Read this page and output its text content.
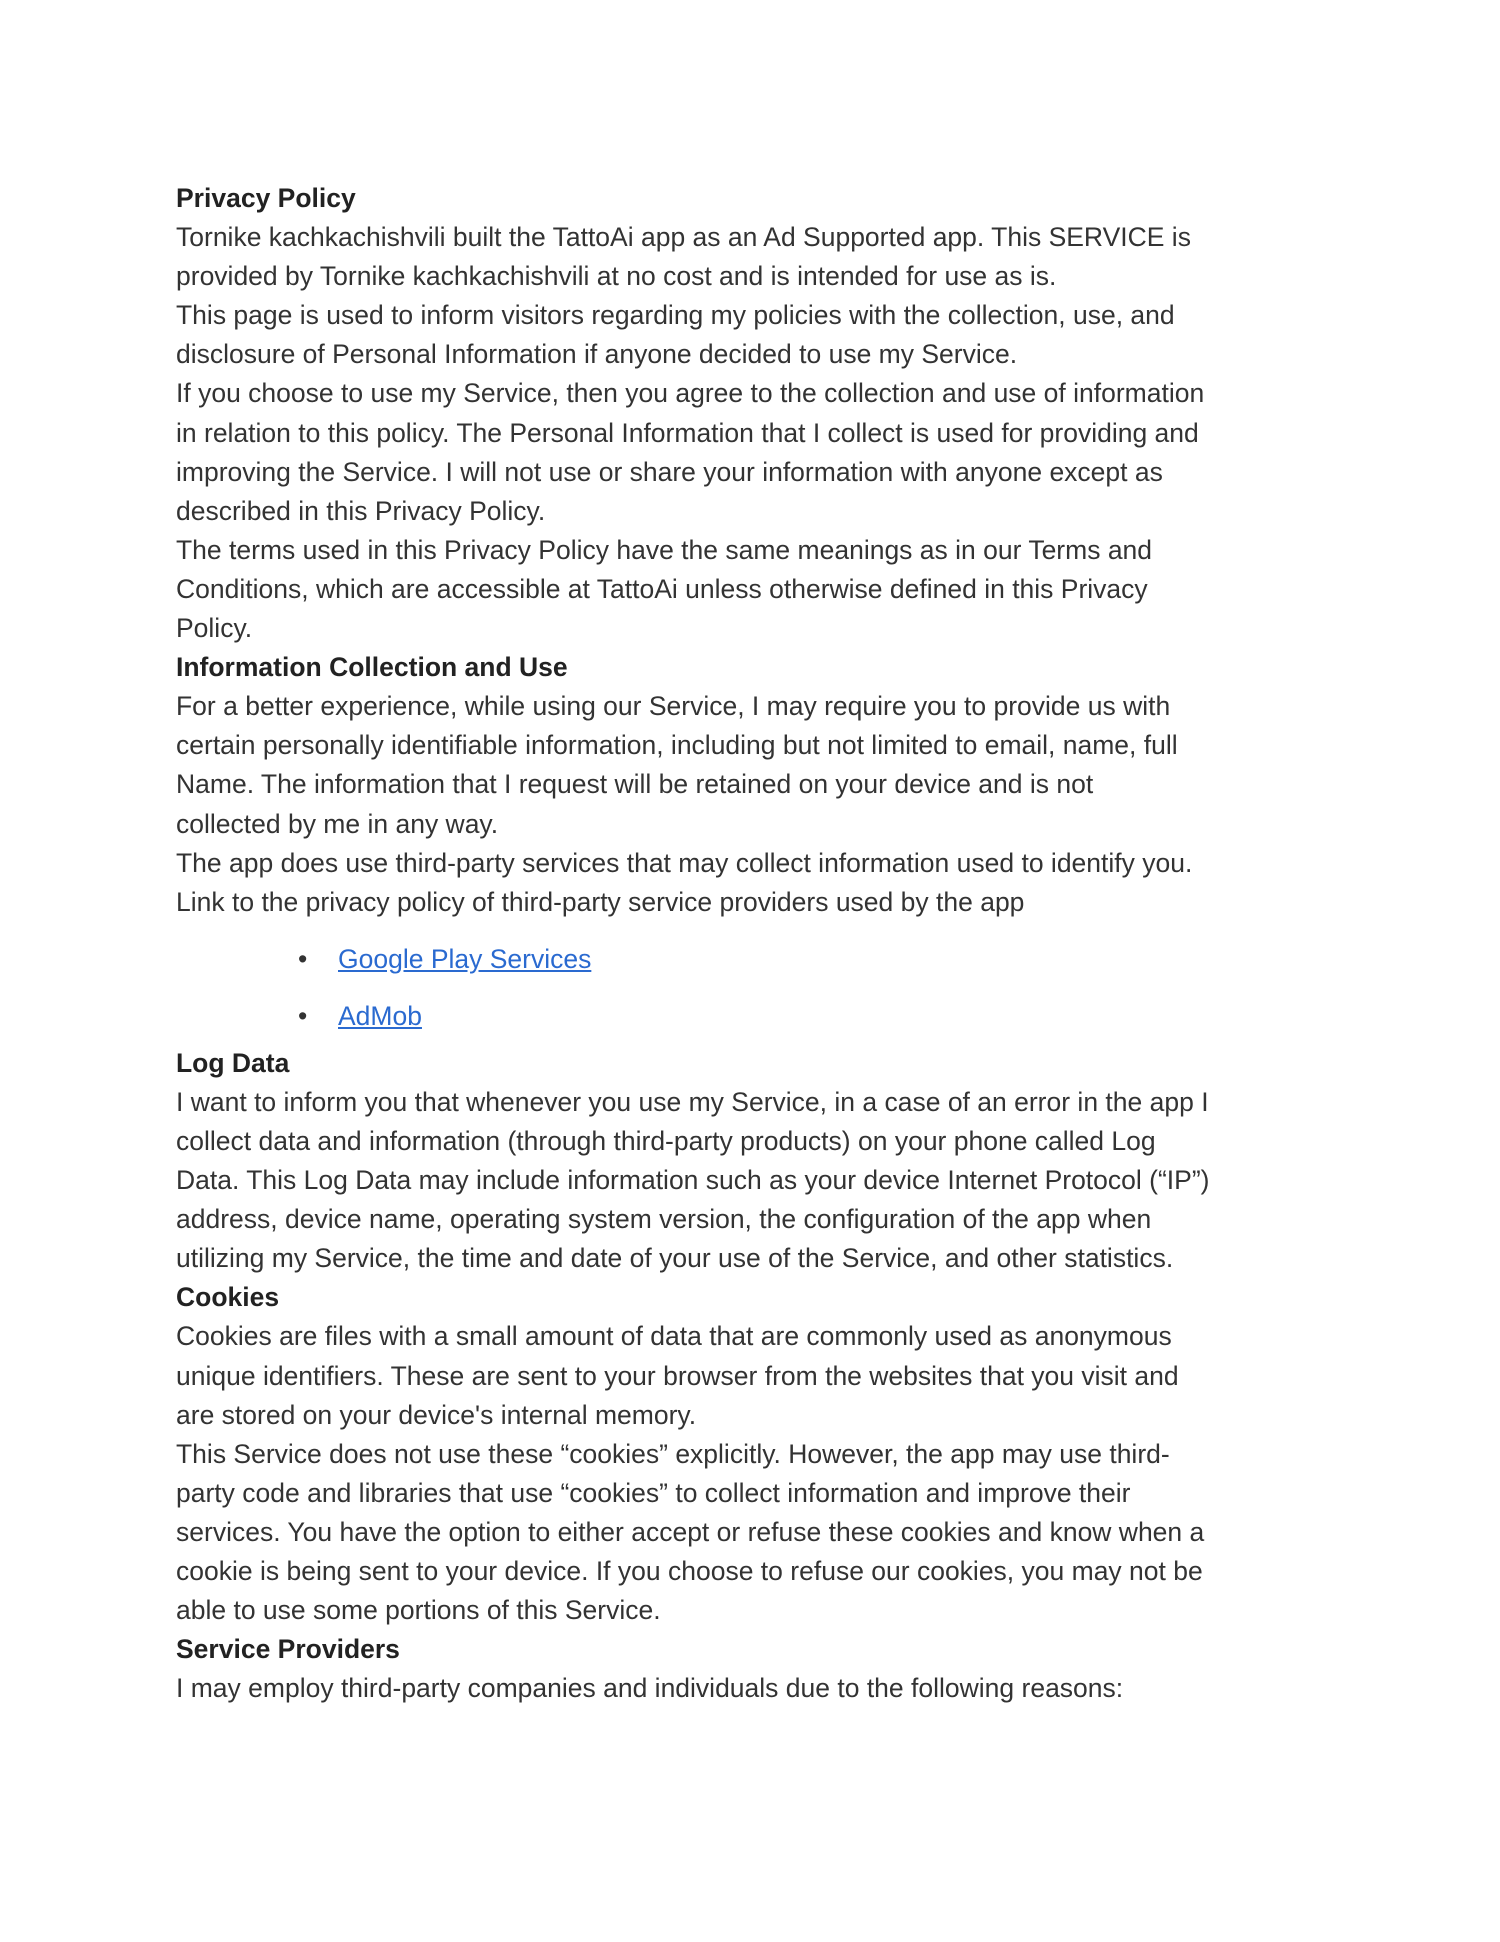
Privacy Policy
Tornike kachkachishvili built the TattoAi app as an Ad Supported app. This SERVICE is
provided by Tornike kachkachishvili at no cost and is intended for use as is.
This page is used to inform visitors regarding my policies with the collection, use, and
disclosure of Personal Information if anyone decided to use my Service.
If you choose to use my Service, then you agree to the collection and use of information
in relation to this policy. The Personal Information that I collect is used for providing and
improving the Service. I will not use or share your information with anyone except as
described in this Privacy Policy.
The terms used in this Privacy Policy have the same meanings as in our Terms and
Conditions, which are accessible at TattoAi unless otherwise defined in this Privacy
Policy.
Information Collection and Use
For a better experience, while using our Service, I may require you to provide us with
certain personally identifiable information, including but not limited to email, name, full
Name. The information that I request will be retained on your device and is not
collected by me in any way.
The app does use third-party services that may collect information used to identify you.
Link to the privacy policy of third-party service providers used by the app
• Google Play Services
• AdMob
Log Data
I want to inform you that whenever you use my Service, in a case of an error in the app I
collect data and information (through third-party products) on your phone called Log
Data. This Log Data may include information such as your device Internet Protocol (“IP”)
address, device name, operating system version, the configuration of the app when
utilizing my Service, the time and date of your use of the Service, and other statistics.
Cookies
Cookies are files with a small amount of data that are commonly used as anonymous
unique identifiers. These are sent to your browser from the websites that you visit and
are stored on your device's internal memory.
This Service does not use these “cookies” explicitly. However, the app may use third-
party code and libraries that use “cookies” to collect information and improve their
services. You have the option to either accept or refuse these cookies and know when a
cookie is being sent to your device. If you choose to refuse our cookies, you may not be
able to use some portions of this Service.
Service Providers
I may employ third-party companies and individuals due to the following reasons:
